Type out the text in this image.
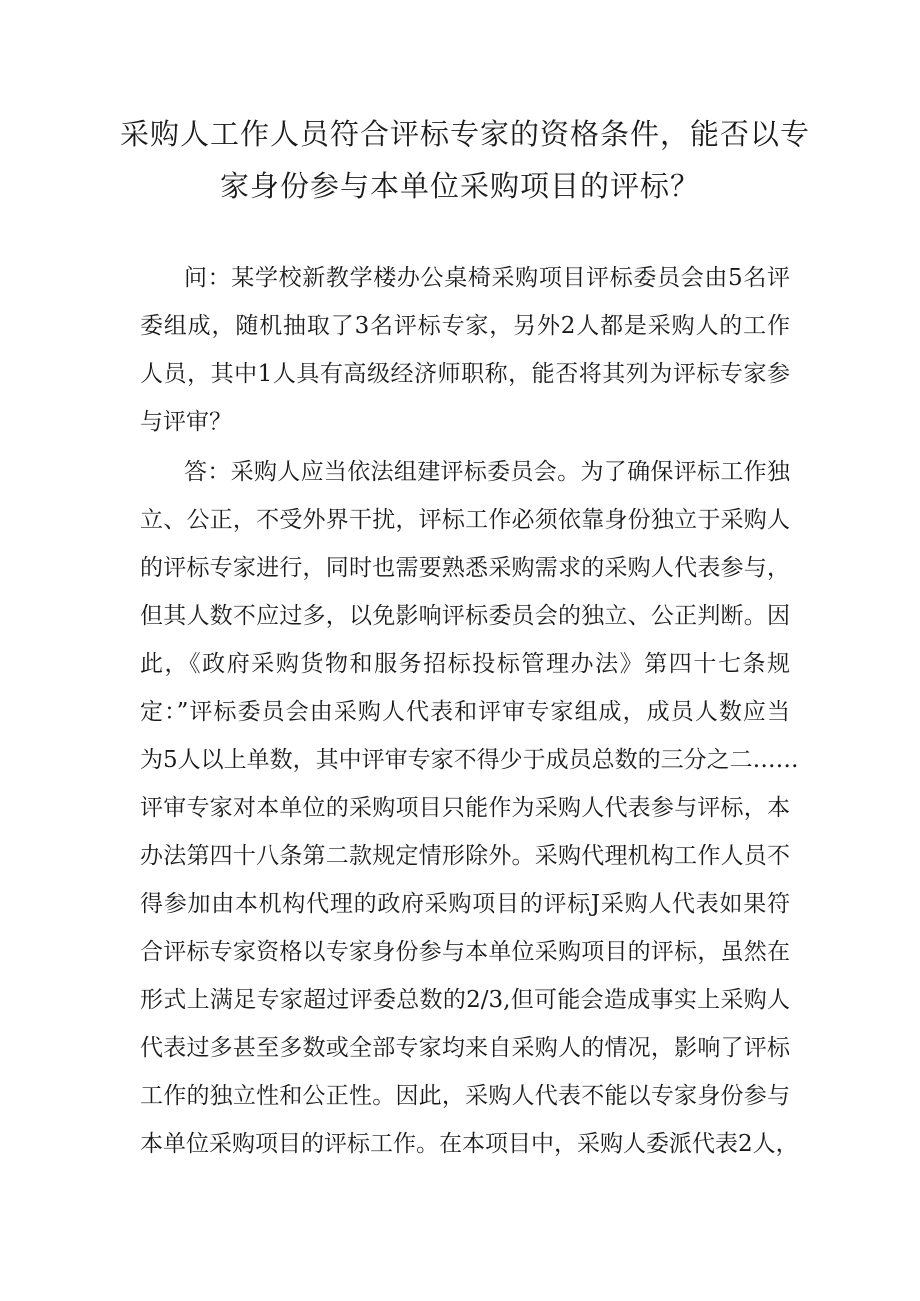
采购人工作人员符合评标专家的资格条件，能否以专
家身份参与本单位采购项目的评标？
问：某学校新教学楼办公桌椅采购项目评标委员会由5名评
委组成，随机抽取了3名评标专家，另外2人都是采购人的工作
人员，其中1人具有高级经济师职称，能否将其列为评标专家参
与评审？
答：采购人应当依法组建评标委员会。为了确保评标工作独
立、公正，不受外界干扰，评标工作必须依靠身份独立于采购人
的评标专家进行，同时也需要熟悉采购需求的采购人代表参与，
但其人数不应过多，以免影响评标委员会的独立、公正判断。因
此，《政府采购货物和服务招标投标管理办法》第四十七条规
定：”评标委员会由采购人代表和评审专家组成，成员人数应当
为5人以上单数，其中评审专家不得少于成员总数的三分之二……
评审专家对本单位的采购项目只能作为采购人代表参与评标，本
办法第四十八条第二款规定情形除外。采购代理机构工作人员不
得参加由本机构代理的政府采购项目的评标J采购人代表如果符
合评标专家资格以专家身份参与本单位采购项目的评标，虽然在
形式上满足专家超过评委总数的2/3,但可能会造成事实上采购人
代表过多甚至多数或全部专家均来自采购人的情况，影响了评标
工作的独立性和公正性。因此，采购人代表不能以专家身份参与
本单位采购项目的评标工作。在本项目中，采购人委派代表2人，
